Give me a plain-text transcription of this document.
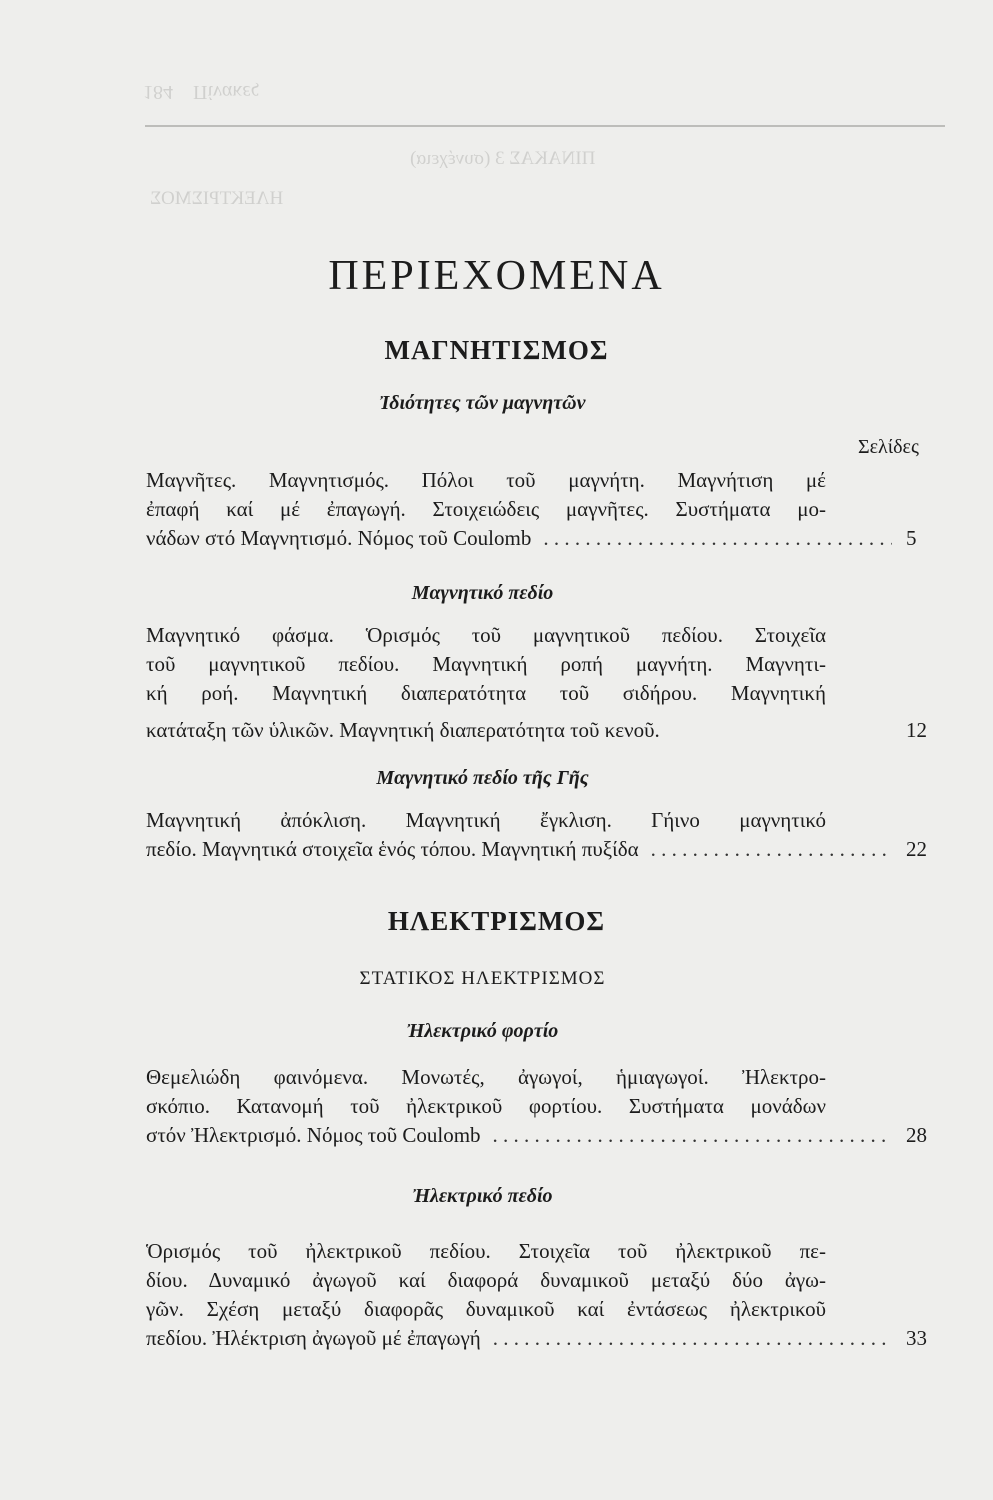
184 Πίνακες
ΠΙΝΑΚΑΣ 3 (συνέχεια)
ΗΛΕΚΤΡΙΣΜΟΣ
ΠΕΡΙΕΧΟΜΕΝΑ
ΜΑΓΝΗΤΙΣΜΟΣ
Ἰδιότητες τῶν μαγνητῶν
Σελίδες
Μαγνῆτες. Μαγνητισμός. Πόλοι τοῦ μαγνήτη. Μαγνήτιση μέ
ἐπαφή καί μέ ἐπαγωγή. Στοιχειώδεις μαγνῆτες. Συστήματα μο-
νάδων στό Μαγνητισμό. Νόμος τοῦ Coulomb . . .	5
Μαγνητικό πεδίο
Μαγνητικό φάσμα. Ὁρισμός τοῦ μαγνητικοῦ πεδίου. Στοιχεῖα
τοῦ μαγνητικοῦ πεδίου. Μαγνητική ροπή μαγνήτη. Μαγνητι-
κή ροή. Μαγνητική διαπερατότητα τοῦ σιδήρου. Μαγνητική
κατάταξη τῶν ὑλικῶν. Μαγνητική διαπερατότητα τοῦ κενοῦ.	12
Μαγνητικό πεδίο τῆς Γῆς
Μαγνητική ἀπόκλιση. Μαγνητική ἔγκλιση. Γήινο μαγνητικό
πεδίο. Μαγνητικά στοιχεῖα ἑνός τόπου. Μαγνητική πυξίδα . . .	22
ΗΛΕΚΤΡΙΣΜΟΣ
ΣΤΑΤΙΚΟΣ ΗΛΕΚΤΡΙΣΜΟΣ
Ἠλεκτρικό φορτίο
Θεμελιώδη φαινόμενα. Μονωτές, ἀγωγοί, ἡμιαγωγοί. Ἠλεκτρο-
σκόπιο. Κατανομή τοῦ ἠλεκτρικοῦ φορτίου. Συστήματα μονάδων
στόν Ἠλεκτρισμό. Νόμος τοῦ Coulomb . . .	28
Ἠλεκτρικό πεδίο
Ὁρισμός τοῦ ἠλεκτρικοῦ πεδίου. Στοιχεῖα τοῦ ἠλεκτρικοῦ πε-
δίου. Δυναμικό ἀγωγοῦ καί διαφορά δυναμικοῦ μεταξύ δύο ἀγω-
γῶν. Σχέση μεταξύ διαφορᾶς δυναμικοῦ καί ἐντάσεως ἠλεκτρικοῦ
πεδίου. Ἠλέκτριση ἀγωγοῦ μέ ἐπαγωγή . . .	33
